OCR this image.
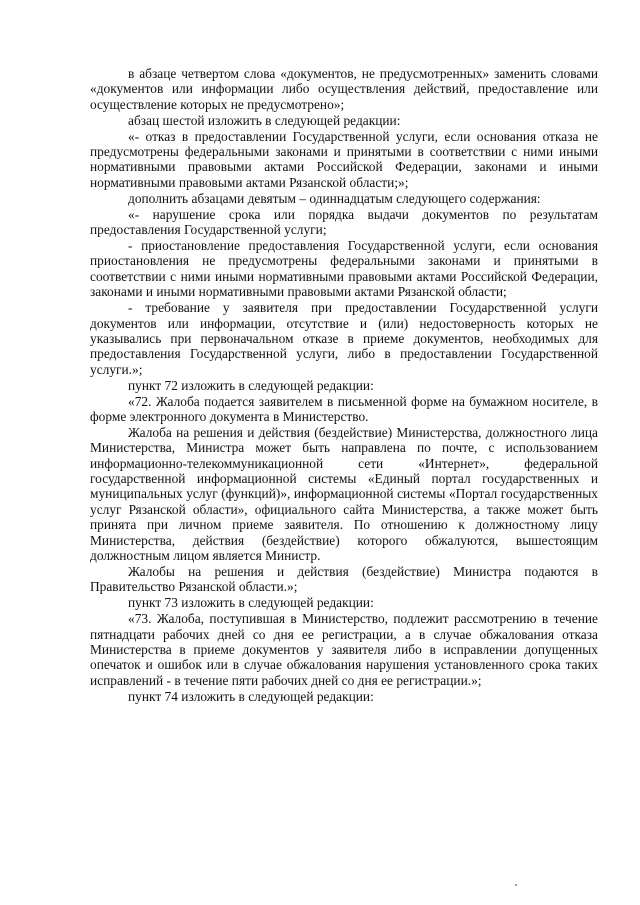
в абзаце четвертом слова «документов, не предусмотренных» заменить словами «документов или информации либо осуществления действий, предоставление или осуществление которых не предусмотрено»;

абзац шестой изложить в следующей редакции:

«- отказ в предоставлении Государственной услуги, если основания отказа не предусмотрены федеральными законами и принятыми в соответствии с ними иными нормативными правовыми актами Российской Федерации, законами и иными нормативными правовыми актами Рязанской области;»;

дополнить абзацами девятым – одиннадцатым следующего содержания:

«- нарушение срока или порядка выдачи документов по результатам предоставления Государственной услуги;

- приостановление предоставления Государственной услуги, если основания приостановления не предусмотрены федеральными законами и принятыми в соответствии с ними иными нормативными правовыми актами Российской Федерации, законами и иными нормативными правовыми актами Рязанской области;

- требование у заявителя при предоставлении Государственной услуги документов или информации, отсутствие и (или) недостоверность которых не указывались при первоначальном отказе в приеме документов, необходимых для предоставления Государственной услуги, либо в предоставлении Государственной услуги.»;

пункт 72 изложить в следующей редакции:

«72. Жалоба подается заявителем в письменной форме на бумажном носителе, в форме электронного документа в Министерство.

Жалоба на решения и действия (бездействие) Министерства, должностного лица Министерства, Министра может быть направлена по почте, с использованием информационно-телекоммуникационной сети «Интернет», федеральной государственной информационной системы «Единый портал государственных и муниципальных услуг (функций)», информационной системы «Портал государственных услуг Рязанской области», официального сайта Министерства, а также может быть принята при личном приеме заявителя. По отношению к должностному лицу Министерства, действия (бездействие) которого обжалуются, вышестоящим должностным лицом является Министр.

Жалобы на решения и действия (бездействие) Министра подаются в Правительство Рязанской области.»;

пункт 73 изложить в следующей редакции:

«73. Жалоба, поступившая в Министерство, подлежит рассмотрению в течение пятнадцати рабочих дней со дня ее регистрации, а в случае обжалования отказа Министерства в приеме документов у заявителя либо в исправлении допущенных опечаток и ошибок или в случае обжалования нарушения установленного срока таких исправлений - в течение пяти рабочих дней со дня ее регистрации.»;

пункт 74 изложить в следующей редакции:
